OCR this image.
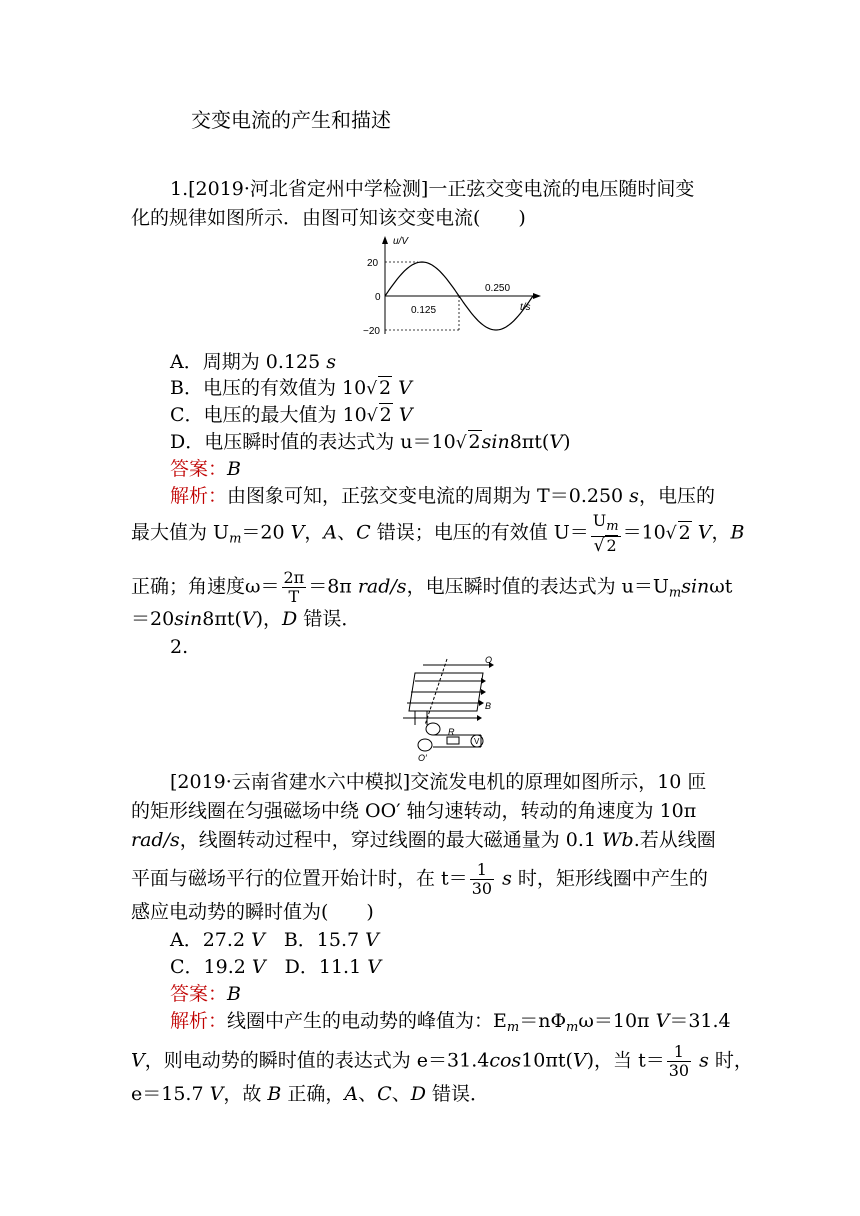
交变电流的产生和描述
1.[2019·河北省定州中学检测]一正弦交变电流的电压随时间变
化的规律如图所示．由图可知该交变电流(　　)
u/V
t/s
20
0
−20
0.125
0.250
A．周期为 0.125 s
B．电压的有效值为 10√ 2 V
C．电压的最大值为 10√ 2 V
D．电压瞬时值的表达式为 u＝10√ 2sin8πt(V)
答案：B
解析：由图象可知，正弦交变电流的周期为 T＝0.250 s，电压的
最大值为 $U_m=20$ V，A、C 错误；电压的有效值 $U= \frac{U_m}{√ 2} =10√$ 2 V，B
正确；角速度$\omega= \frac{2\pi}{T} =8\pi$ rad/s，电压瞬时值的表达式为 $u=U_m\sin\omega t$
＝20sin8πt(V)，D 错误．
2.
O
B
R
V
O′
[2019·云南省建水六中模拟]交流发电机的原理如图所示，10 匝
的矩形线圈在匀强磁场中绕 OO′ 轴匀速转动，转动的角速度为 10π
rad/s，线圈转动过程中，穿过线圈的最大磁通量为 0.1 Wb.若从线圈
平面与磁场平行的位置开始计时，在 $t= \frac{1}{30}$ s 时，矩形线圈中产生的
感应电动势的瞬时值为(　　)
A．27.2 V　B．15.7 V
C．19.2 V　D．11.1 V
答案：B
解析：线圈中产生的电动势的峰值为：$E_m=n\Phi_m\omega=10\pi$ V＝31.4
V，则电动势的瞬时值的表达式为 e＝31.4cos10πt(V)，当 $t= \frac{1}{30}$ s 时，
e＝15.7 V，故 B 正确，A、C、D 错误．
